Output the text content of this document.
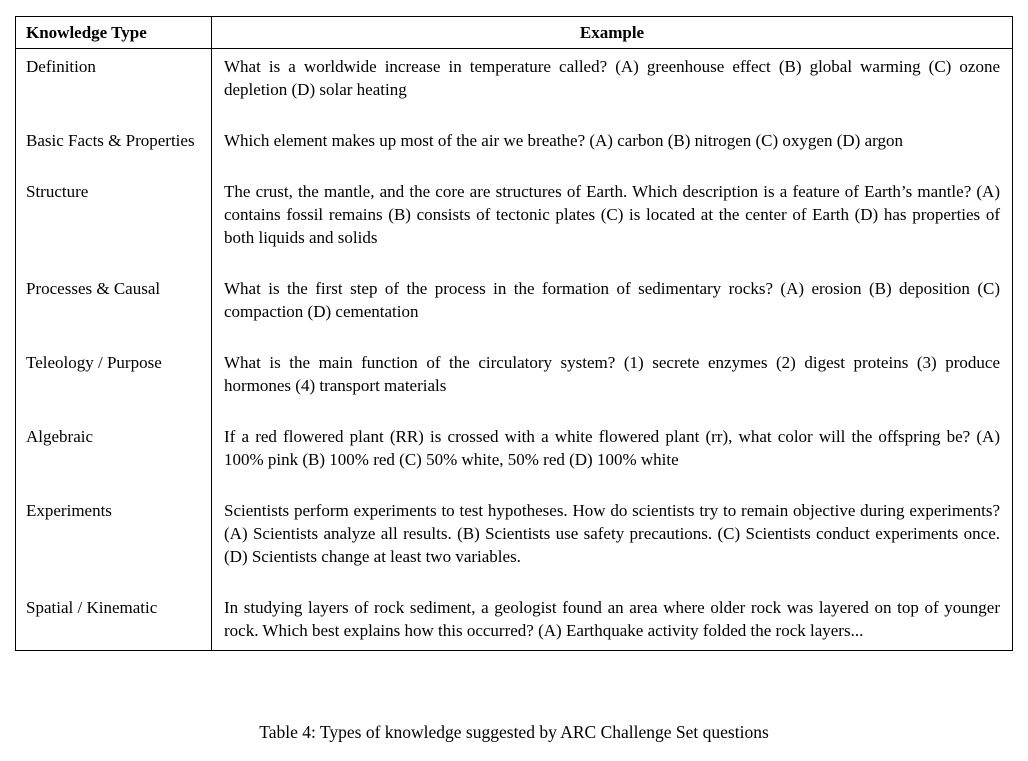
Knowledge Type	Example
Definition	What is a worldwide increase in temperature called? (A) greenhouse effect (B) global warming (C) ozone depletion (D) solar heating
Basic Facts & Properties	Which element makes up most of the air we breathe? (A) carbon (B) nitrogen (C) oxygen (D) argon
Structure	The crust, the mantle, and the core are structures of Earth. Which description is a feature of Earth’s mantle? (A) contains fossil remains (B) consists of tectonic plates (C) is located at the center of Earth (D) has properties of both liquids and solids
Processes & Causal	What is the first step of the process in the formation of sedimentary rocks? (A) erosion (B) deposition (C) compaction (D) cementation
Teleology / Purpose	What is the main function of the circulatory system? (1) secrete enzymes (2) digest proteins (3) produce hormones (4) transport materials
Algebraic	If a red flowered plant (RR) is crossed with a white flowered plant (rr), what color will the offspring be? (A) 100% pink (B) 100% red (C) 50% white, 50% red (D) 100% white
Experiments	Scientists perform experiments to test hypotheses. How do scientists try to remain objective during experiments? (A) Scientists analyze all results. (B) Scientists use safety precautions. (C) Scientists conduct experiments once. (D) Scientists change at least two variables.
Spatial / Kinematic	In studying layers of rock sediment, a geologist found an area where older rock was layered on top of younger rock. Which best explains how this occurred? (A) Earthquake activity folded the rock layers...
Table 4: Types of knowledge suggested by ARC Challenge Set questions
